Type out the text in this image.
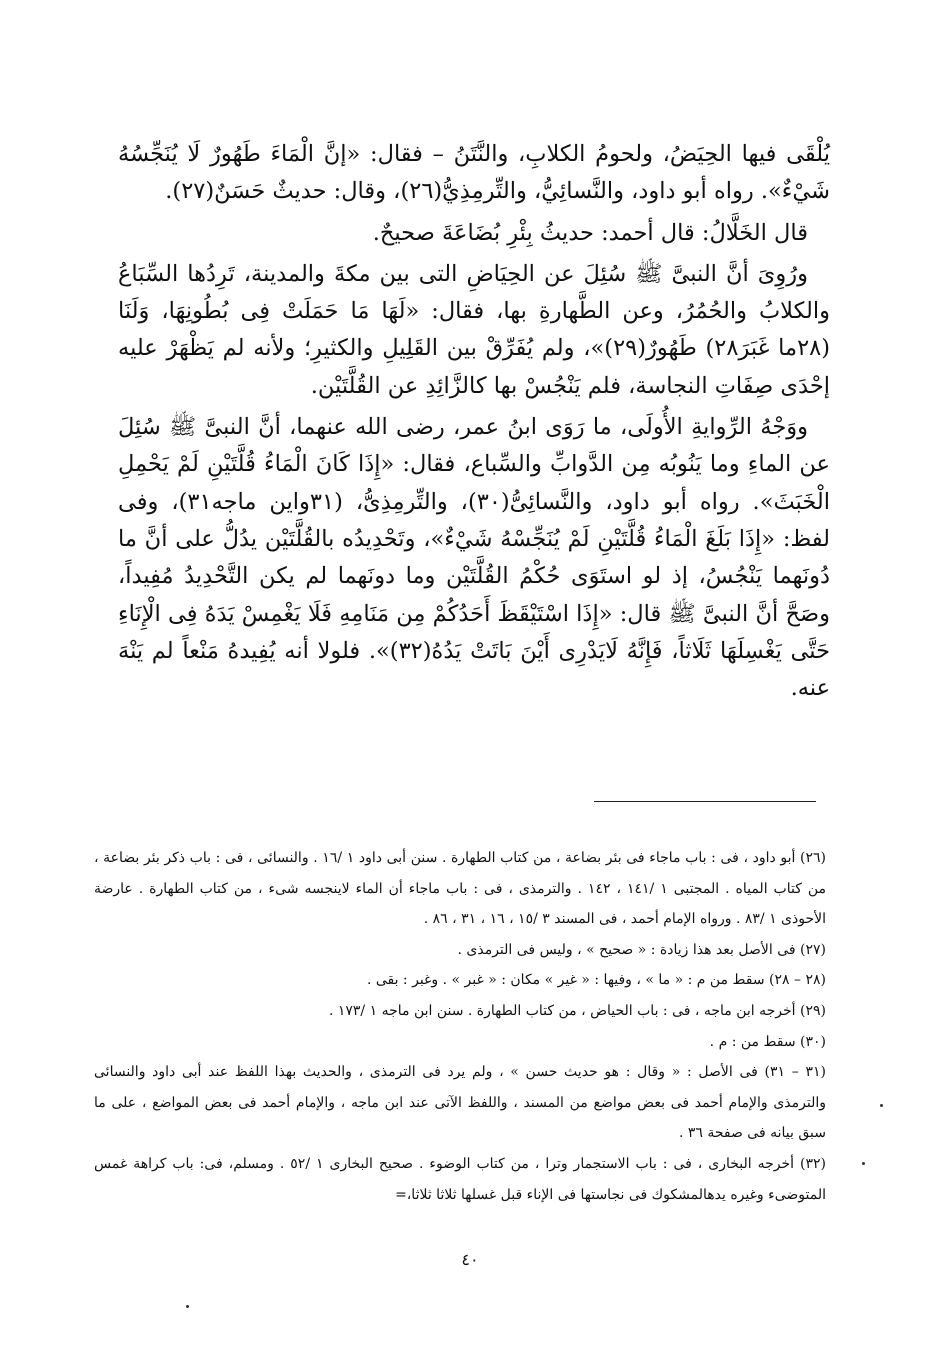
يُلْقَى فيها الحِيَضُ، ولحومُ الكلابِ، والنَّتَنُ – فقال: «إنَّ الْمَاءَ طَهُورٌ لَا يُنَجِّسُهُ شَيْءٌ». رواه أبو داود، والنَّسائِيُّ، والتِّرمِذِيُّ(٢٦)، وقال: حديثٌ حَسَنٌ(٢٧).

قال الخَلَّالُ: قال أحمد: حديثُ بِئْرِ بُضَاعَةَ صحيحٌ.

ورُوِىَ أنَّ النبىَّ ﷺ سُئِلَ عن الحِيَاضِ التى بين مكةَ والمدينة، تَرِدُها السِّبَاعُ والكلابُ والحُمُرُ، وعن الطَّهارةِ بها، فقال: «لَهَا مَا حَمَلَتْ فِى بُطُونِهَا، وَلَنَا (٢٨ما غَبَرَ٢٨) طَهُورٌ(٢٩)»، ولم يُفَرِّقْ بين القَلِيلِ والكثيرِ؛ ولأنه لم يَظْهَرْ عليه إحْدَى صِفَاتِ النجاسة، فلم يَنْجُسْ بها كالزَّائِدِ عن القُلَّتَيْن.

ووَجْهُ الرِّوايةِ الأُولَى، ما رَوَى ابنُ عمر، رضى الله عنهما، أنَّ النبىَّ ﷺ سُئِلَ عن الماءِ وما يَنُوبُه مِن الدَّوابِّ والسِّباع، فقال: «إِذَا كَانَ الْمَاءُ قُلَّتَيْنِ لَمْ يَحْمِلِ الْخَبَثَ». رواه أبو داود، والنَّسائِىُّ(٣٠)، والتِّرمِذِىُّ، (٣١واين ماجه٣١)، وفى لفظ: «إِذَا بَلَغَ الْمَاءُ قُلَّتَيْنِ لَمْ يُنَجِّسْهُ شَيْءٌ»، وتَحْدِيدُه بالقُلَّتَيْن يدُلُّ على أنَّ ما دُونَهما يَنْجُسُ، إذ لو استَوَى حُكْمُ القُلَّتَيْن وما دونَهما لم يكن التَّحْدِيدُ مُفِيداً، وصَحَّ أنَّ النبىَّ ﷺ قال: «إِذَا اسْتَيْقَظَ أَحَدُكُمْ مِن مَنَامِهِ فَلَا يَغْمِسْ يَدَهُ فِى الْإِنَاءِ حَتَّى يَغْسِلَهَا ثَلَاثاً، فَإِنَّهُ لَايَدْرِى أَيْنَ بَاتَتْ يَدُهُ(٣٢)». فلولا أنه يُفِيدهُ مَنْعاً لم يَنْهَ عنه.

(٢٦) أبو داود ، فى : باب ماجاء فى بئر بضاعة ، من كتاب الطهارة . سنن أبى داود ١ /١٦ . والنسائى ، فى : باب ذكر بئر بضاعة ، من كتاب المياه . المجتبى ١ /١٤١ ، ١٤٢ . والترمذى ، فى : باب ماجاء أن الماء لاينجسه شىء ، من كتاب الطهارة . عارضة الأحوذى ١ /٨٣ . ورواه الإمام أحمد ، فى المسند ٣ /١٥ ، ١٦ ، ٣١ ، ٨٦ .

(٢٧) فى الأصل بعد هذا زيادة : « صحيح » ، وليس فى الترمذى .

(٢٨ – ٢٨) سقط من م : « ما » ، وفيها : « غير » مكان : « غبر » . وغبر : بقى .

(٢٩) أخرجه ابن ماجه ، فى : باب الحياض ، من كتاب الطهارة . سنن ابن ماجه ١ /١٧٣ .

(٣٠) سقط من : م .

(٣١ – ٣١) فى الأصل : « وقال : هو حديث حسن » ، ولم يرد فى الترمذى ، والحديث بهذا اللفظ عند أبى داود والنسائى والترمذى والإمام أحمد فى بعض مواضع من المسند ، واللفظ الآتى عند ابن ماجه ، والإمام أحمد فى بعض المواضع ، على ما سبق بيانه فى صفحة ٣٦ .

(٣٢) أخرجه البخارى ، فى : باب الاستجمار وترا ، من كتاب الوضوء . صحيح البخارى ١ /٥٢ . ومسلم، فى: باب كراهة غمس المتوضىء وغيره يدهالمشكوك فى نجاستها فى الإناء قبل غسلها ثلاثا ثلاثا،=

٤٠
